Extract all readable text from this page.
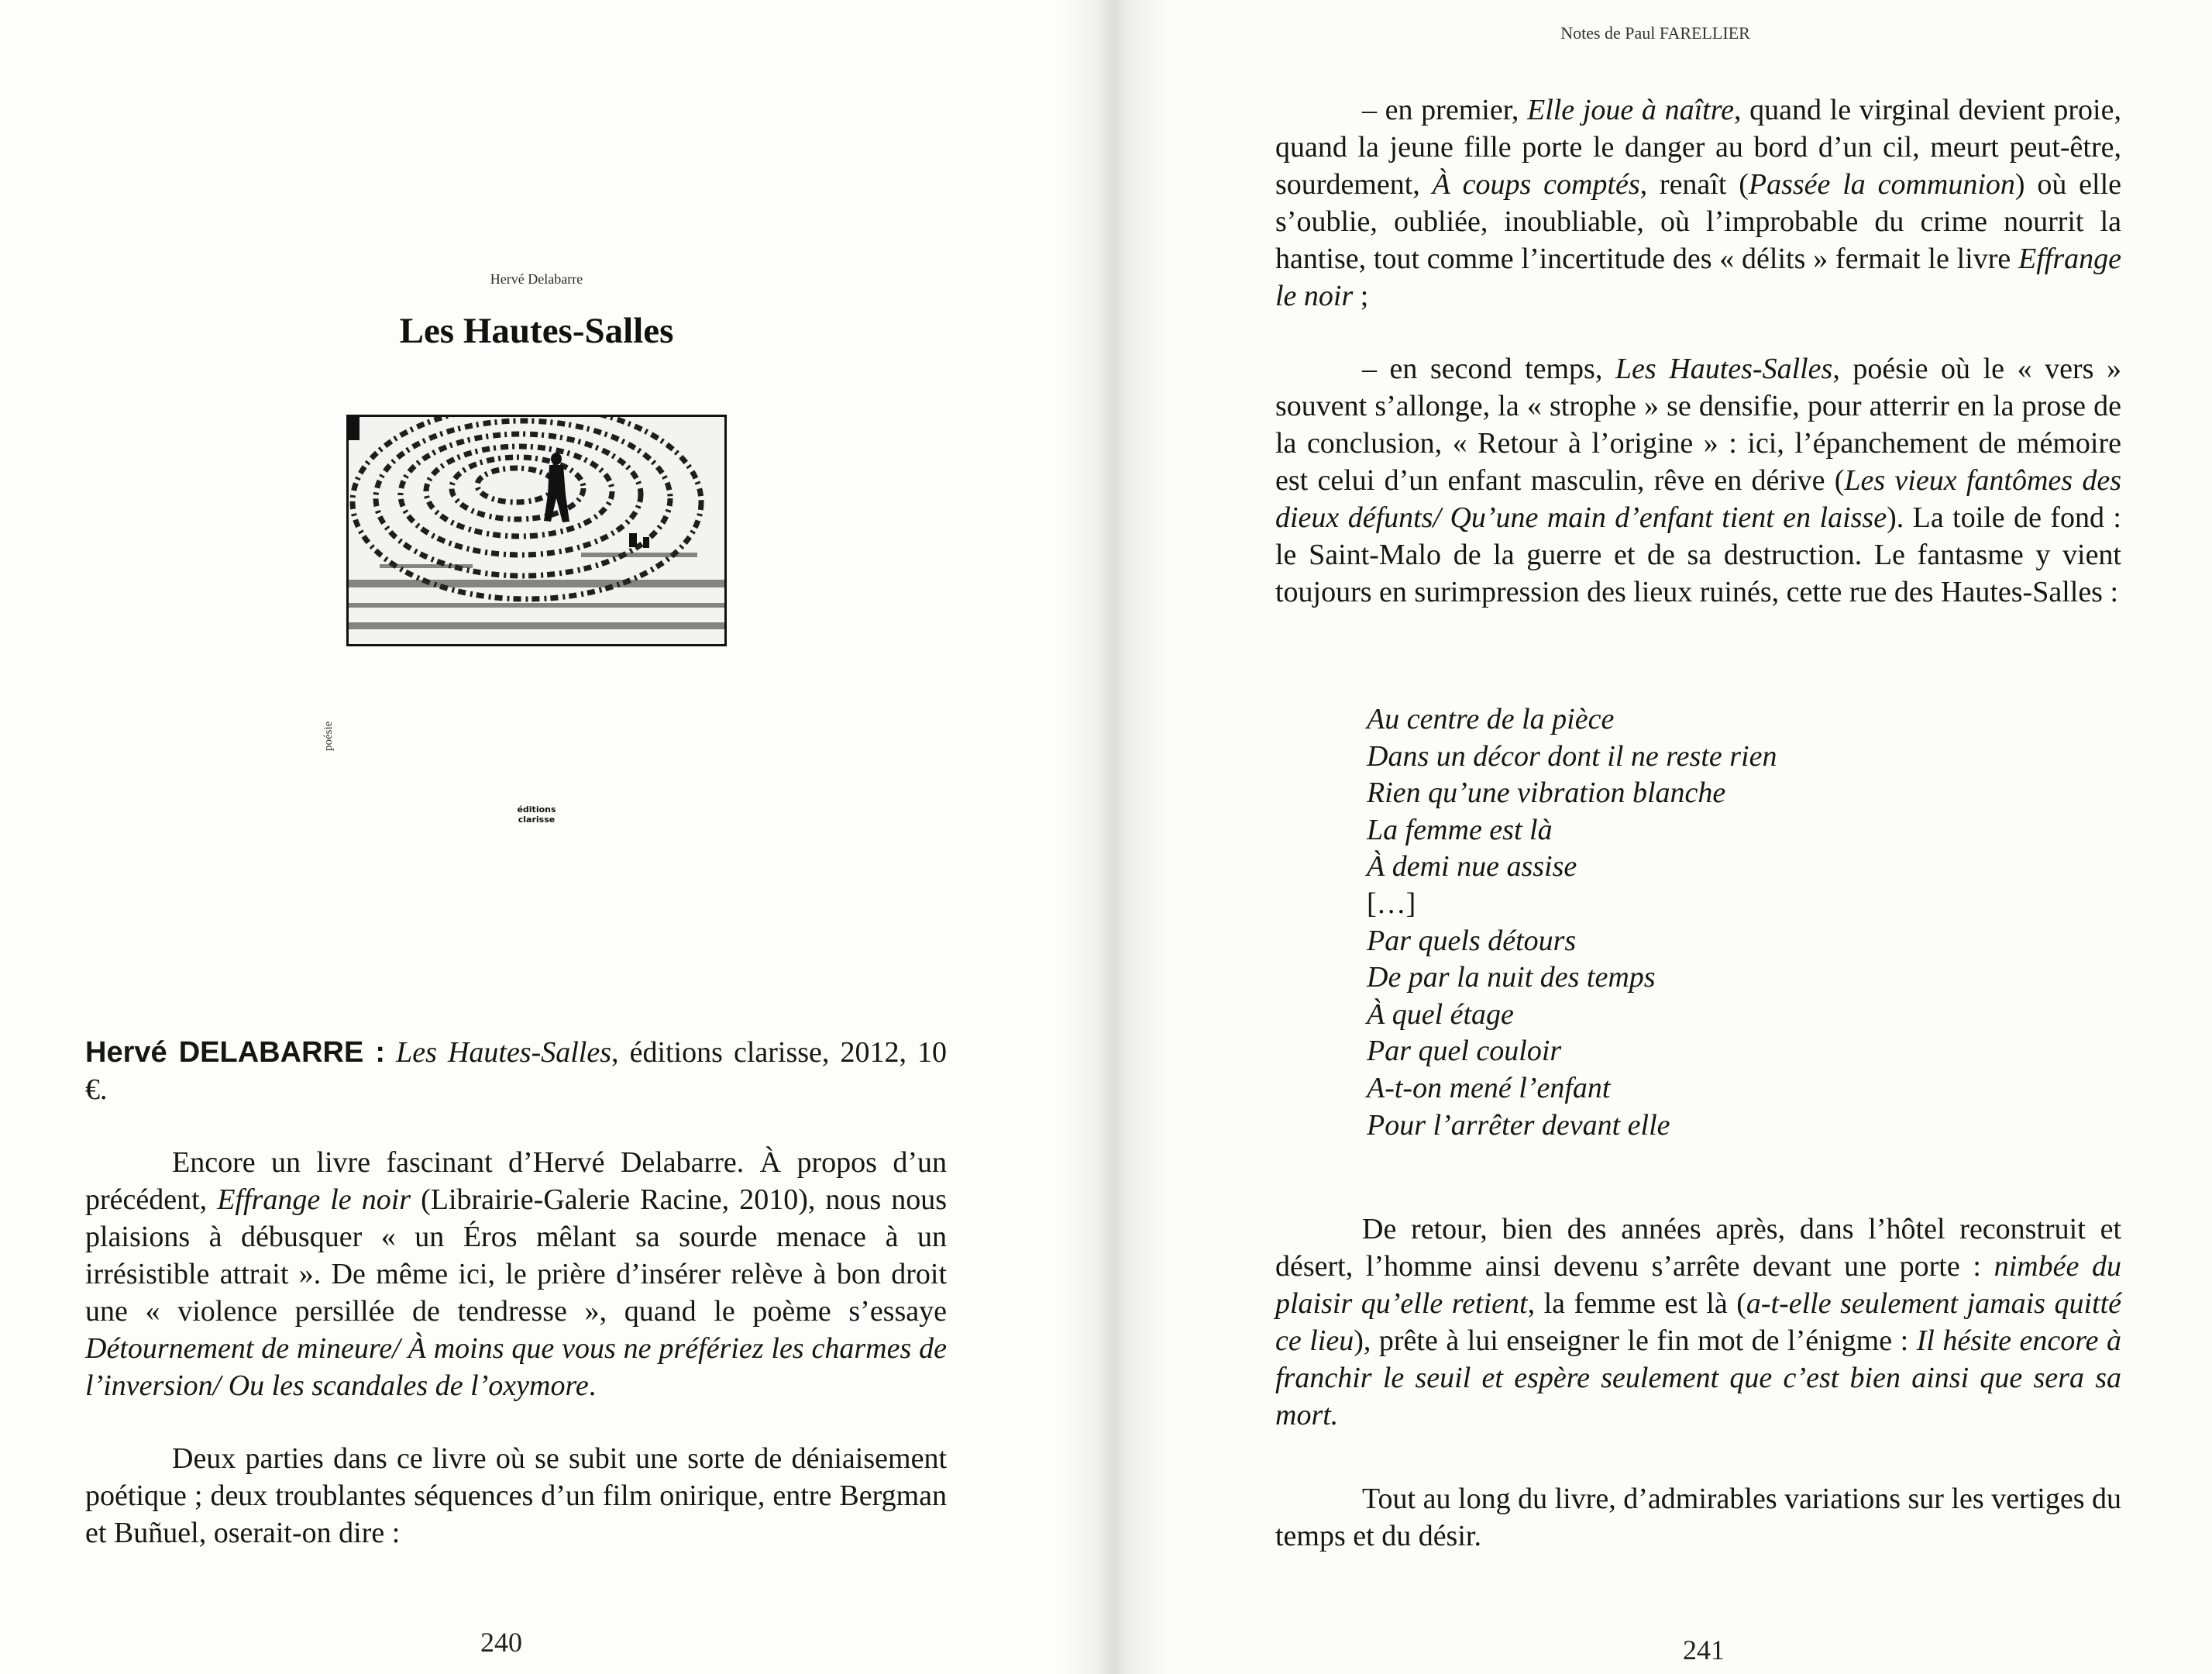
Hervé Delabarre
Les Hautes-Salles
poésie
éditions
clarisse

Hervé DELABARRE : Les Hautes-Salles, éditions clarisse, 2012, 10 €.

Encore un livre fascinant d’Hervé Delabarre. À propos d’un précédent, Effrange le noir (Librairie-Galerie Racine, 2010), nous nous plaisions à débusquer « un Éros mêlant sa sourde menace à un irrésistible attrait ». De même ici, le prière d’insérer relève à bon droit une « violence persillée de tendresse », quand le poème s’essaye Détournement de mineure/ À moins que vous ne préfériez les charmes de l’inversion/ Ou les scandales de l’oxymore.

Deux parties dans ce livre où se subit une sorte de déniaisement poétique ; deux troublantes séquences d’un film onirique, entre Bergman et Buñuel, oserait-on dire :

240
Notes de Paul FARELLIER

– en premier, Elle joue à naître, quand le virginal devient proie, quand la jeune fille porte le danger au bord d’un cil, meurt peut-être, sourdement, À coups comptés, renaît (Passée la communion) où elle s’oublie, oubliée, inoubliable, où l’improbable du crime nourrit la hantise, tout comme l’incertitude des « délits » fermait le livre Effrange le noir ;

– en second temps, Les Hautes-Salles, poésie où le « vers » souvent s’allonge, la « strophe » se densifie, pour atterrir en la prose de la conclusion, « Retour à l’origine » : ici, l’épanchement de mémoire est celui d’un enfant masculin, rêve en dérive (Les vieux fantômes des dieux défunts/ Qu’une main d’enfant tient en laisse). La toile de fond : le Saint-Malo de la guerre et de sa destruction. Le fantasme y vient toujours en surimpression des lieux ruinés, cette rue des Hautes-Salles :

Au centre de la pièce
Dans un décor dont il ne reste rien
Rien qu’une vibration blanche
La femme est là
À demi nue assise
[…]
Par quels détours
De par la nuit des temps
À quel étage
Par quel couloir
A-t-on mené l’enfant
Pour l’arrêter devant elle

De retour, bien des années après, dans l’hôtel reconstruit et désert, l’homme ainsi devenu s’arrête devant une porte : nimbée du plaisir qu’elle retient, la femme est là (a-t-elle seulement jamais quitté ce lieu), prête à lui enseigner le fin mot de l’énigme : Il hésite encore à franchir le seuil et espère seulement que c’est bien ainsi que sera sa mort.

Tout au long du livre, d’admirables variations sur les vertiges du temps et du désir.

241
